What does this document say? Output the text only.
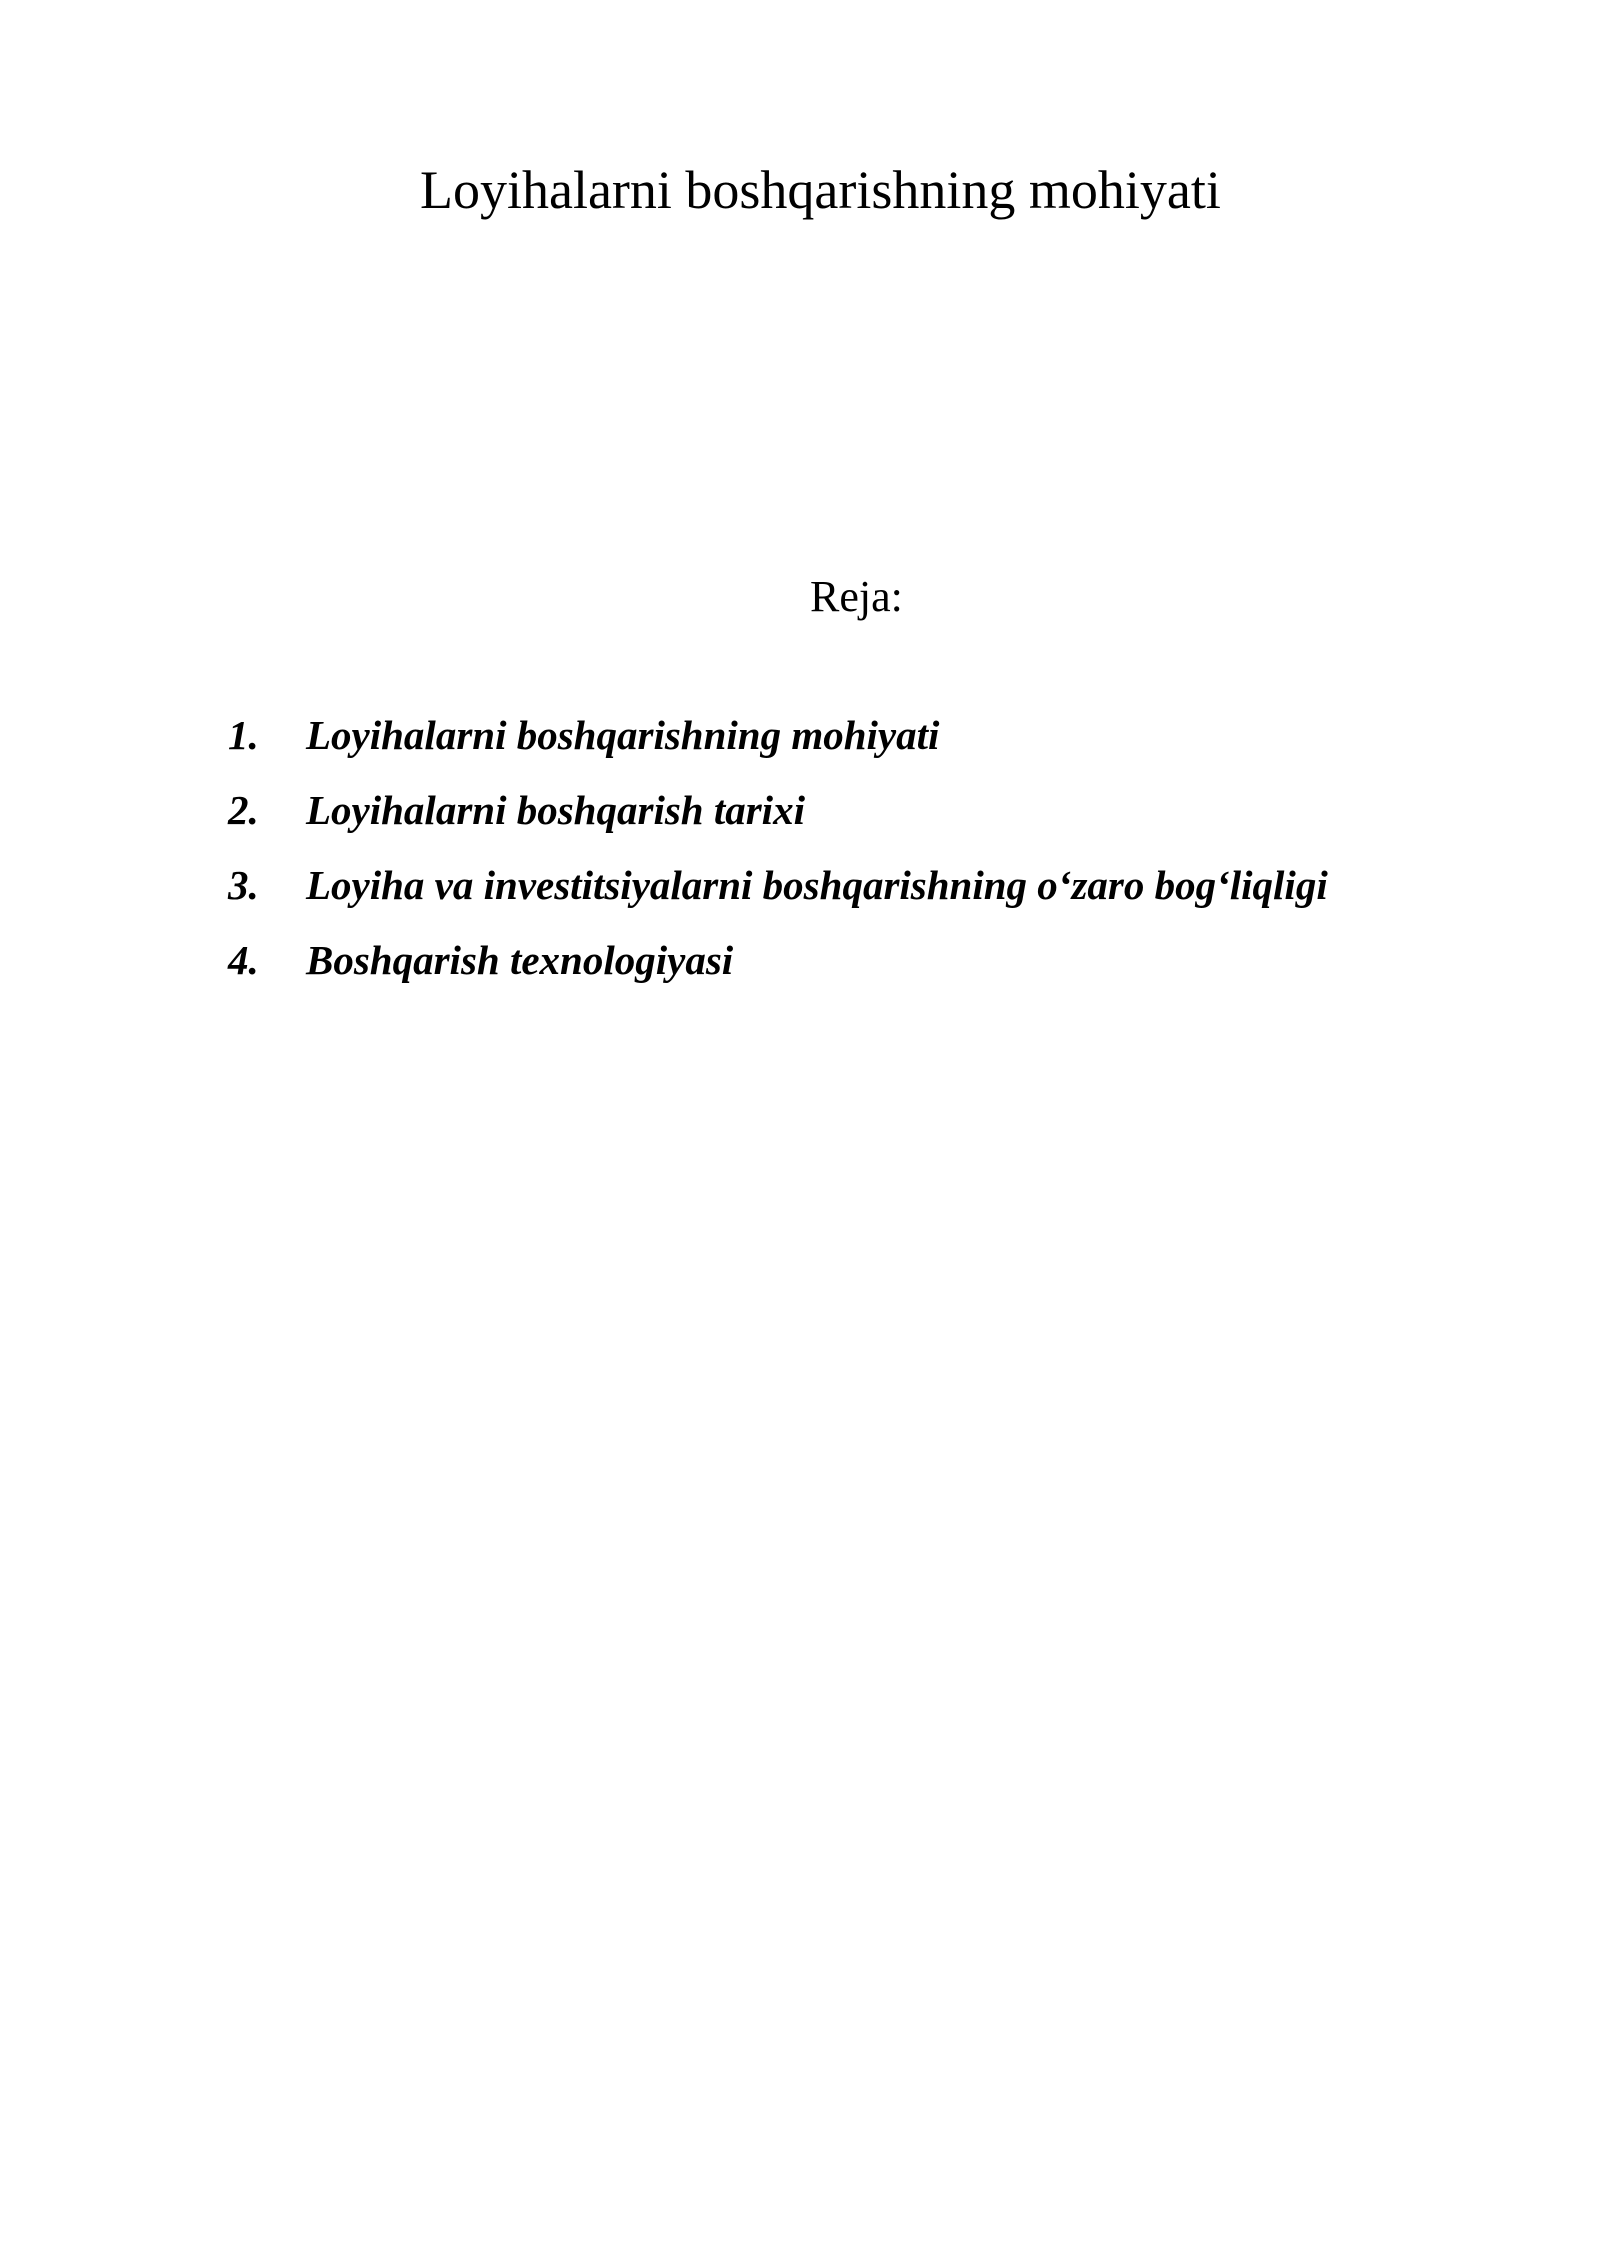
Loyihalarni boshqarishning mohiyati
Reja:
1. Loyihalarni boshqarishning mohiyati
2. Loyihalarni boshqarish tarixi
3. Loyiha va investitsiyalarni boshqarishning o‘zaro bog‘liqligi
4. Boshqarish texnologiyasi
